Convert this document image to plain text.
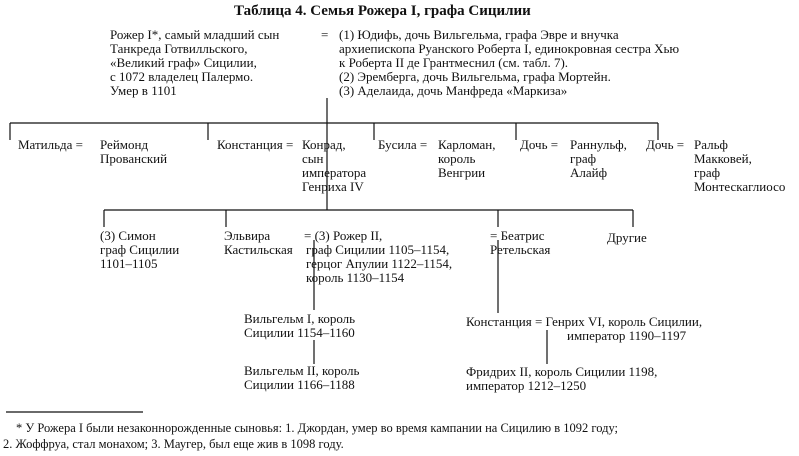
Таблица 4. Семья Рожера I, графа Сицилии
Рожер I*, самый младший сын
Танкреда Готвилльского,
«Великий граф» Сицилии,
с 1072 владелец Палермо.
Умер в 1101
= (1) Юдифь, дочь Вильгельма, графа Эвре и внучка
архиепископа Руанского Роберта I, единокровная сестра Хью
к Роберта II де Грантмеснил (см. табл. 7).
(2) Эремберга, дочь Вильгельма, графа Мортейн.
(3) Аделаида, дочь Манфреда «Маркиза»
Матильда = Реймонд
Прованский
Констанция = Конрад,
сын
императора
Генриха IV
Бусила = Карломан,
король
Венгрии
Дочь = Раннульф,
граф
Алайф
Дочь = Ральф
Макковей,
граф
Монтескаглиосо
(3) Симон
граф Сицилии
1101–1105
Эльвира
Кастильская
= (3) Рожер II,
граф Сицилии 1105–1154,
герцог Апулии 1122–1154,
король 1130–1154
= Беатрис
Ретельская
Другие
Вильгельм I, король
Сицилии 1154–1160
Вильгельм II, король
Сицилии 1166–1188
Констанция = Генрих VI, король Сицилии,
император 1190–1197
Фридрих II, король Сицилии 1198,
император 1212–1250
* У Рожера I были незаконнорожденные сыновья: 1. Джордан, умер во время кампании на Сицилию в 1092 году;
2. Жоффруа, стал монахом; 3. Маугер, был еще жив в 1098 году.
